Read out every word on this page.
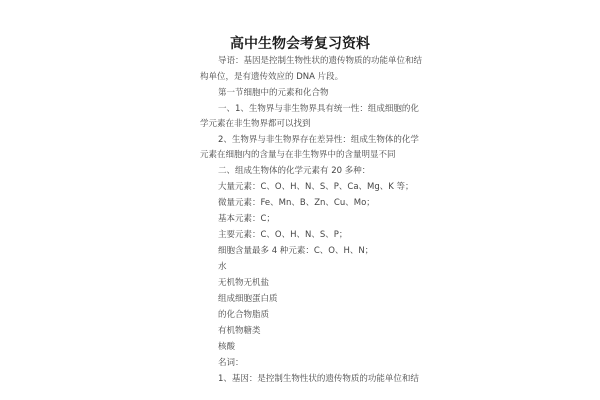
高中生物会考复习资料
导语：基因是控制生物性状的遗传物质的功能单位和结
构单位，是有遗传效应的 DNA 片段。
第一节细胞中的元素和化合物
一、1、生物界与非生物界具有统一性：组成细胞的化
学元素在非生物界都可以找到
2、生物界与非生物界存在差异性：组成生物体的化学
元素在细胞内的含量与在非生物界中的含量明显不同
二、组成生物体的化学元素有 20 多种：
大量元素：C、O、H、N、S、P、Ca、Mg、K 等；
微量元素：Fe、Mn、B、Zn、Cu、Mo；
基本元素：C；
主要元素：C、O、H、N、S、P；
细胞含量最多 4 种元素：C、O、H、N；
水
无机物无机盐
组成细胞蛋白质
的化合物脂质
有机物糖类
核酸
名词：
1、基因：是控制生物性状的遗传物质的功能单位和结
